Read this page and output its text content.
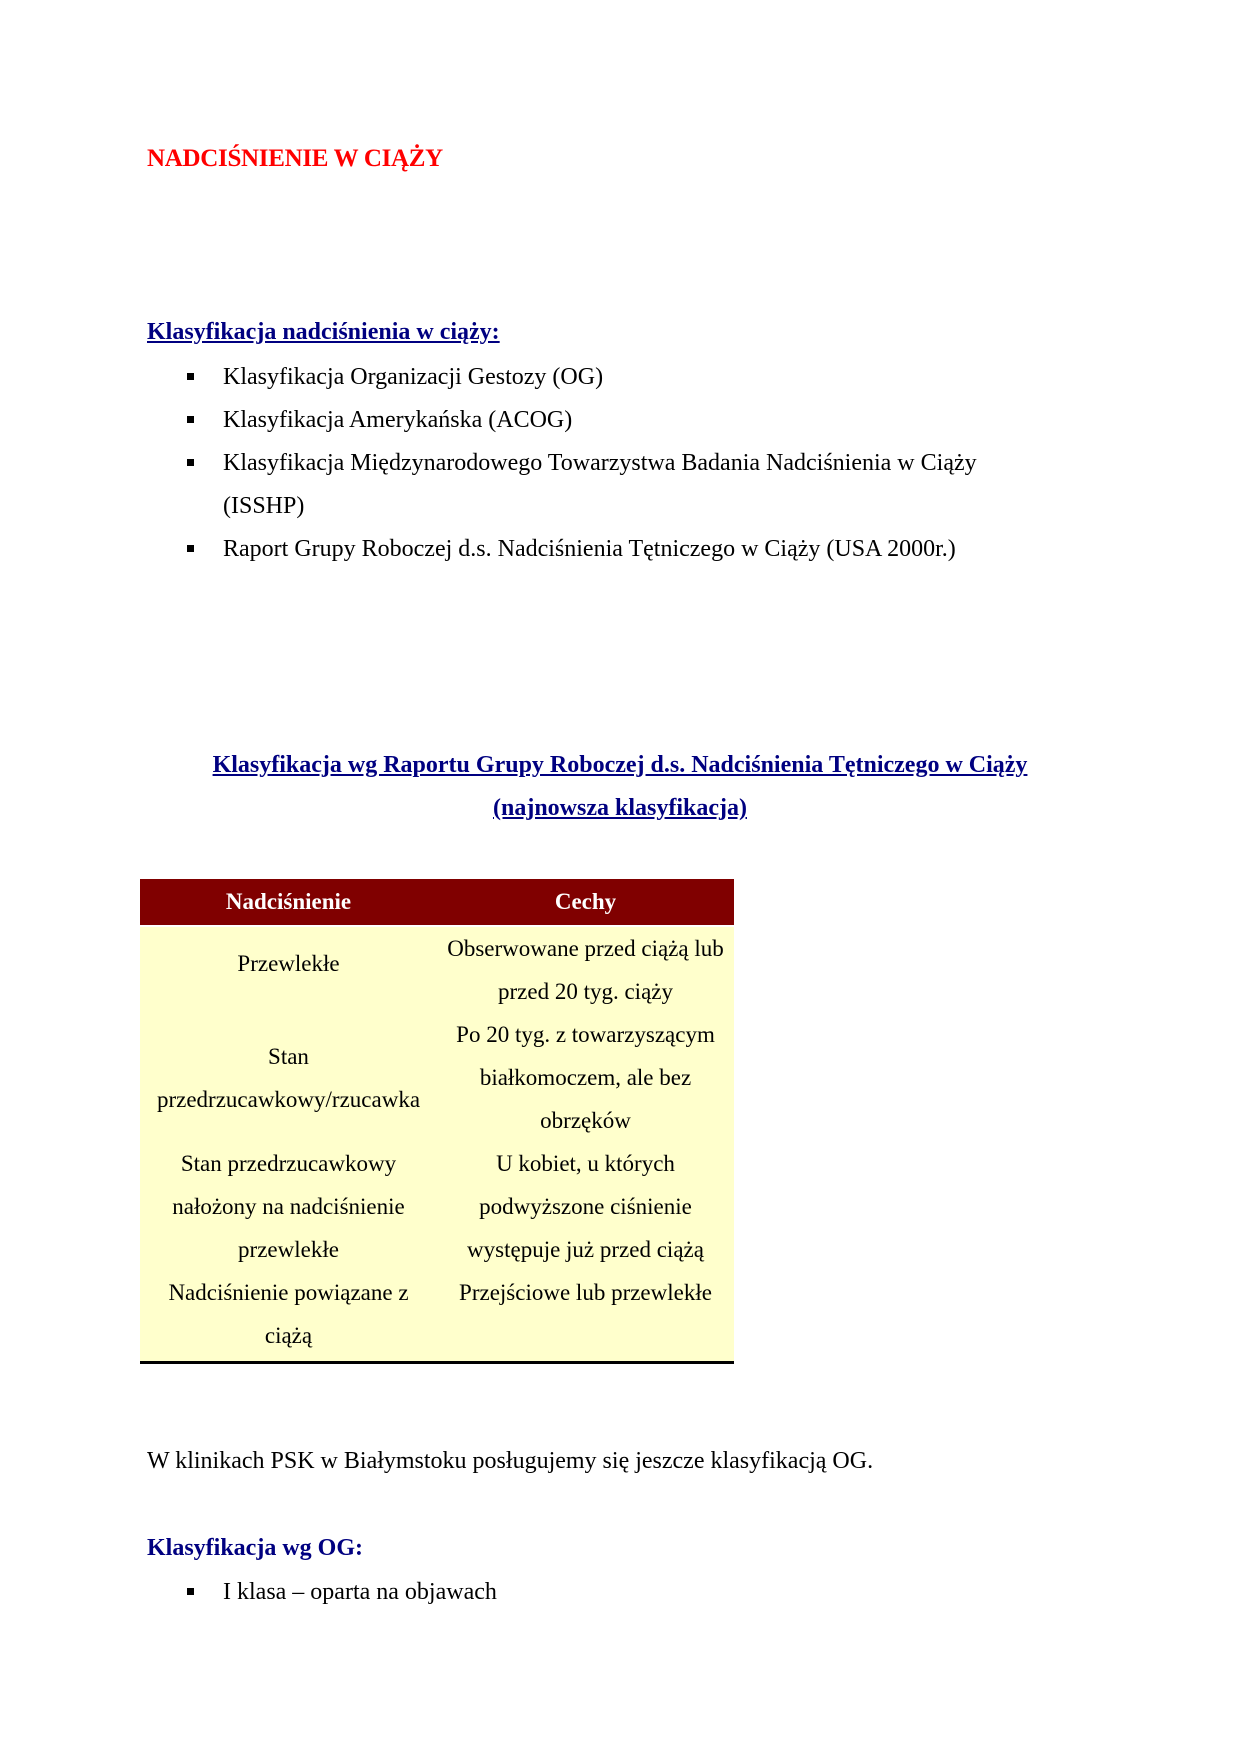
NADCIŚNIENIE W CIĄŻY
Klasyfikacja nadciśnienia w ciąży:
Klasyfikacja Organizacji Gestozy (OG)
Klasyfikacja Amerykańska (ACOG)
Klasyfikacja Międzynarodowego Towarzystwa Badania Nadciśnienia w Ciąży (ISSHP)
Raport Grupy Roboczej d.s. Nadciśnienia Tętniczego w Ciąży (USA 2000r.)
Klasyfikacja wg Raportu Grupy Roboczej d.s. Nadciśnienia Tętniczego w Ciąży
(najnowsza klasyfikacja)
Nadciśnienie	Cechy
Przewlekłe	Obserwowane przed ciążą lub przed 20 tyg. ciąży
Stan przedrzucawkowy/rzucawka	Po 20 tyg. z towarzyszącym białkomoczem, ale bez obrzęków
Stan przedrzucawkowy nałożony na nadciśnienie przewlekłe	U kobiet, u których podwyższone ciśnienie występuje już przed ciążą
Nadciśnienie powiązane z ciążą	Przejściowe lub przewlekłe
W klinikach PSK w Białymstoku posługujemy się jeszcze klasyfikacją OG.
Klasyfikacja wg OG:
I klasa – oparta na objawach
